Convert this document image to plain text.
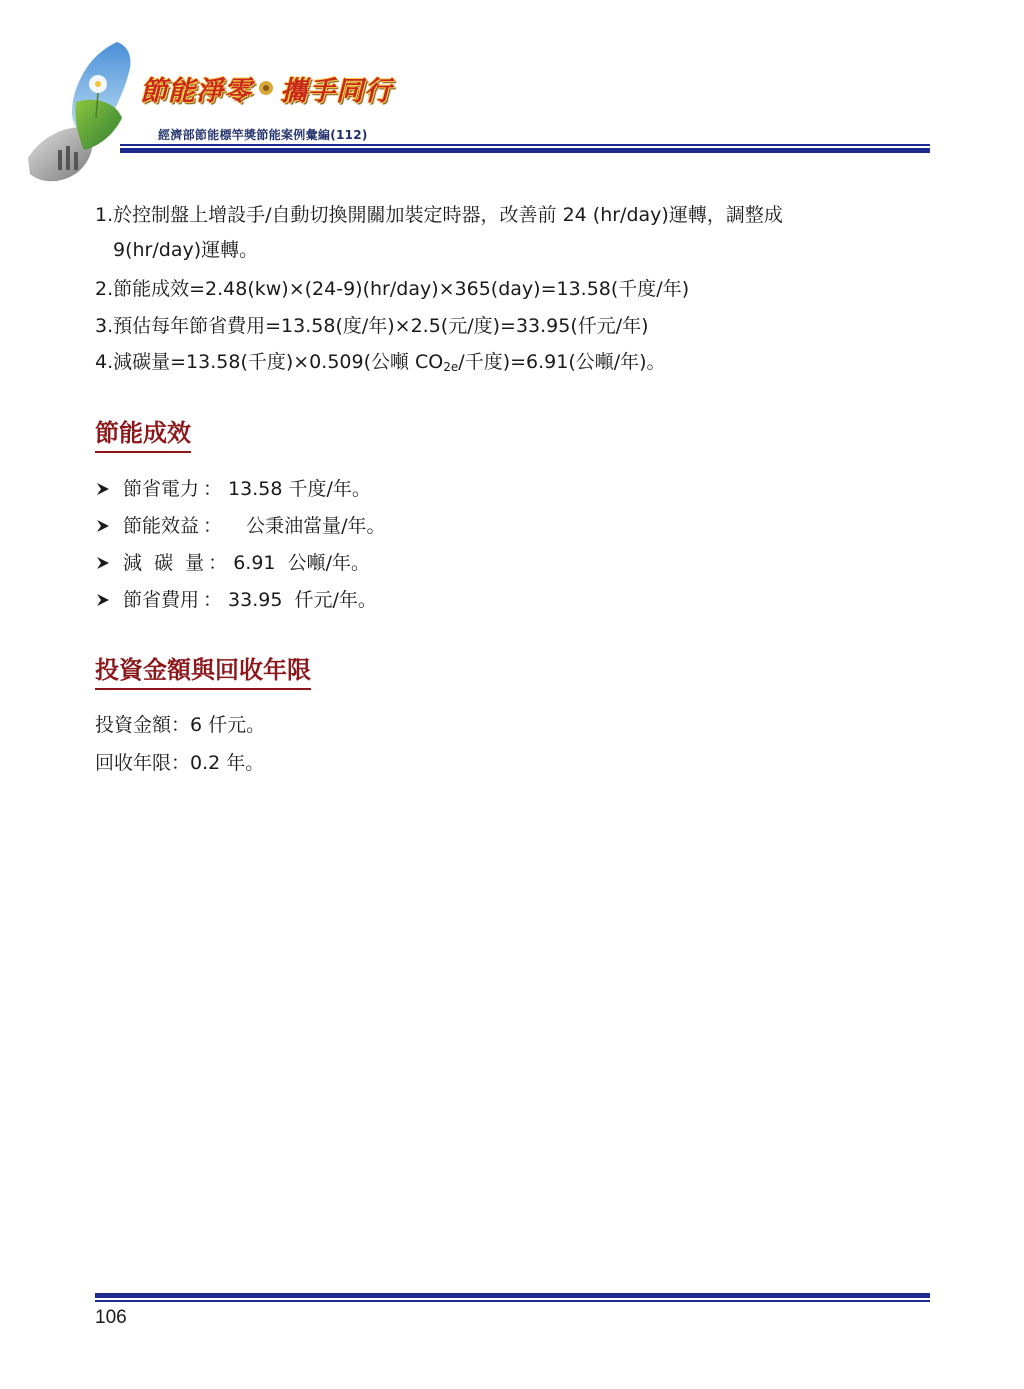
節能淨零 攜手同行
經濟部節能標竿獎節能案例彙編(112)
1.於控制盤上增設手/自動切換開關加裝定時器，改善前 24 (hr/day)運轉，調整成
9(hr/day)運轉。
2.節能成效=2.48(kw)×(24-9)(hr/day)×365(day)=13.58(千度/年)
3.預估每年節省費用=13.58(度/年)×2.5(元/度)=33.95(仟元/年)
4.減碳量=13.58(千度)×0.509(公噸 $CO_{2e}/$千度)=6.91(公噸/年)。
節能成效
節省電力 ： 13.58 千度/年。
節能效益 ： 公秉油當量/年。
減  碳  量 ： 6.91  公噸/年。
節省費用 ： 33.95  仟元/年。
投資金額與回收年限
投資金額：6 仟元。
回收年限：0.2 年。
106
